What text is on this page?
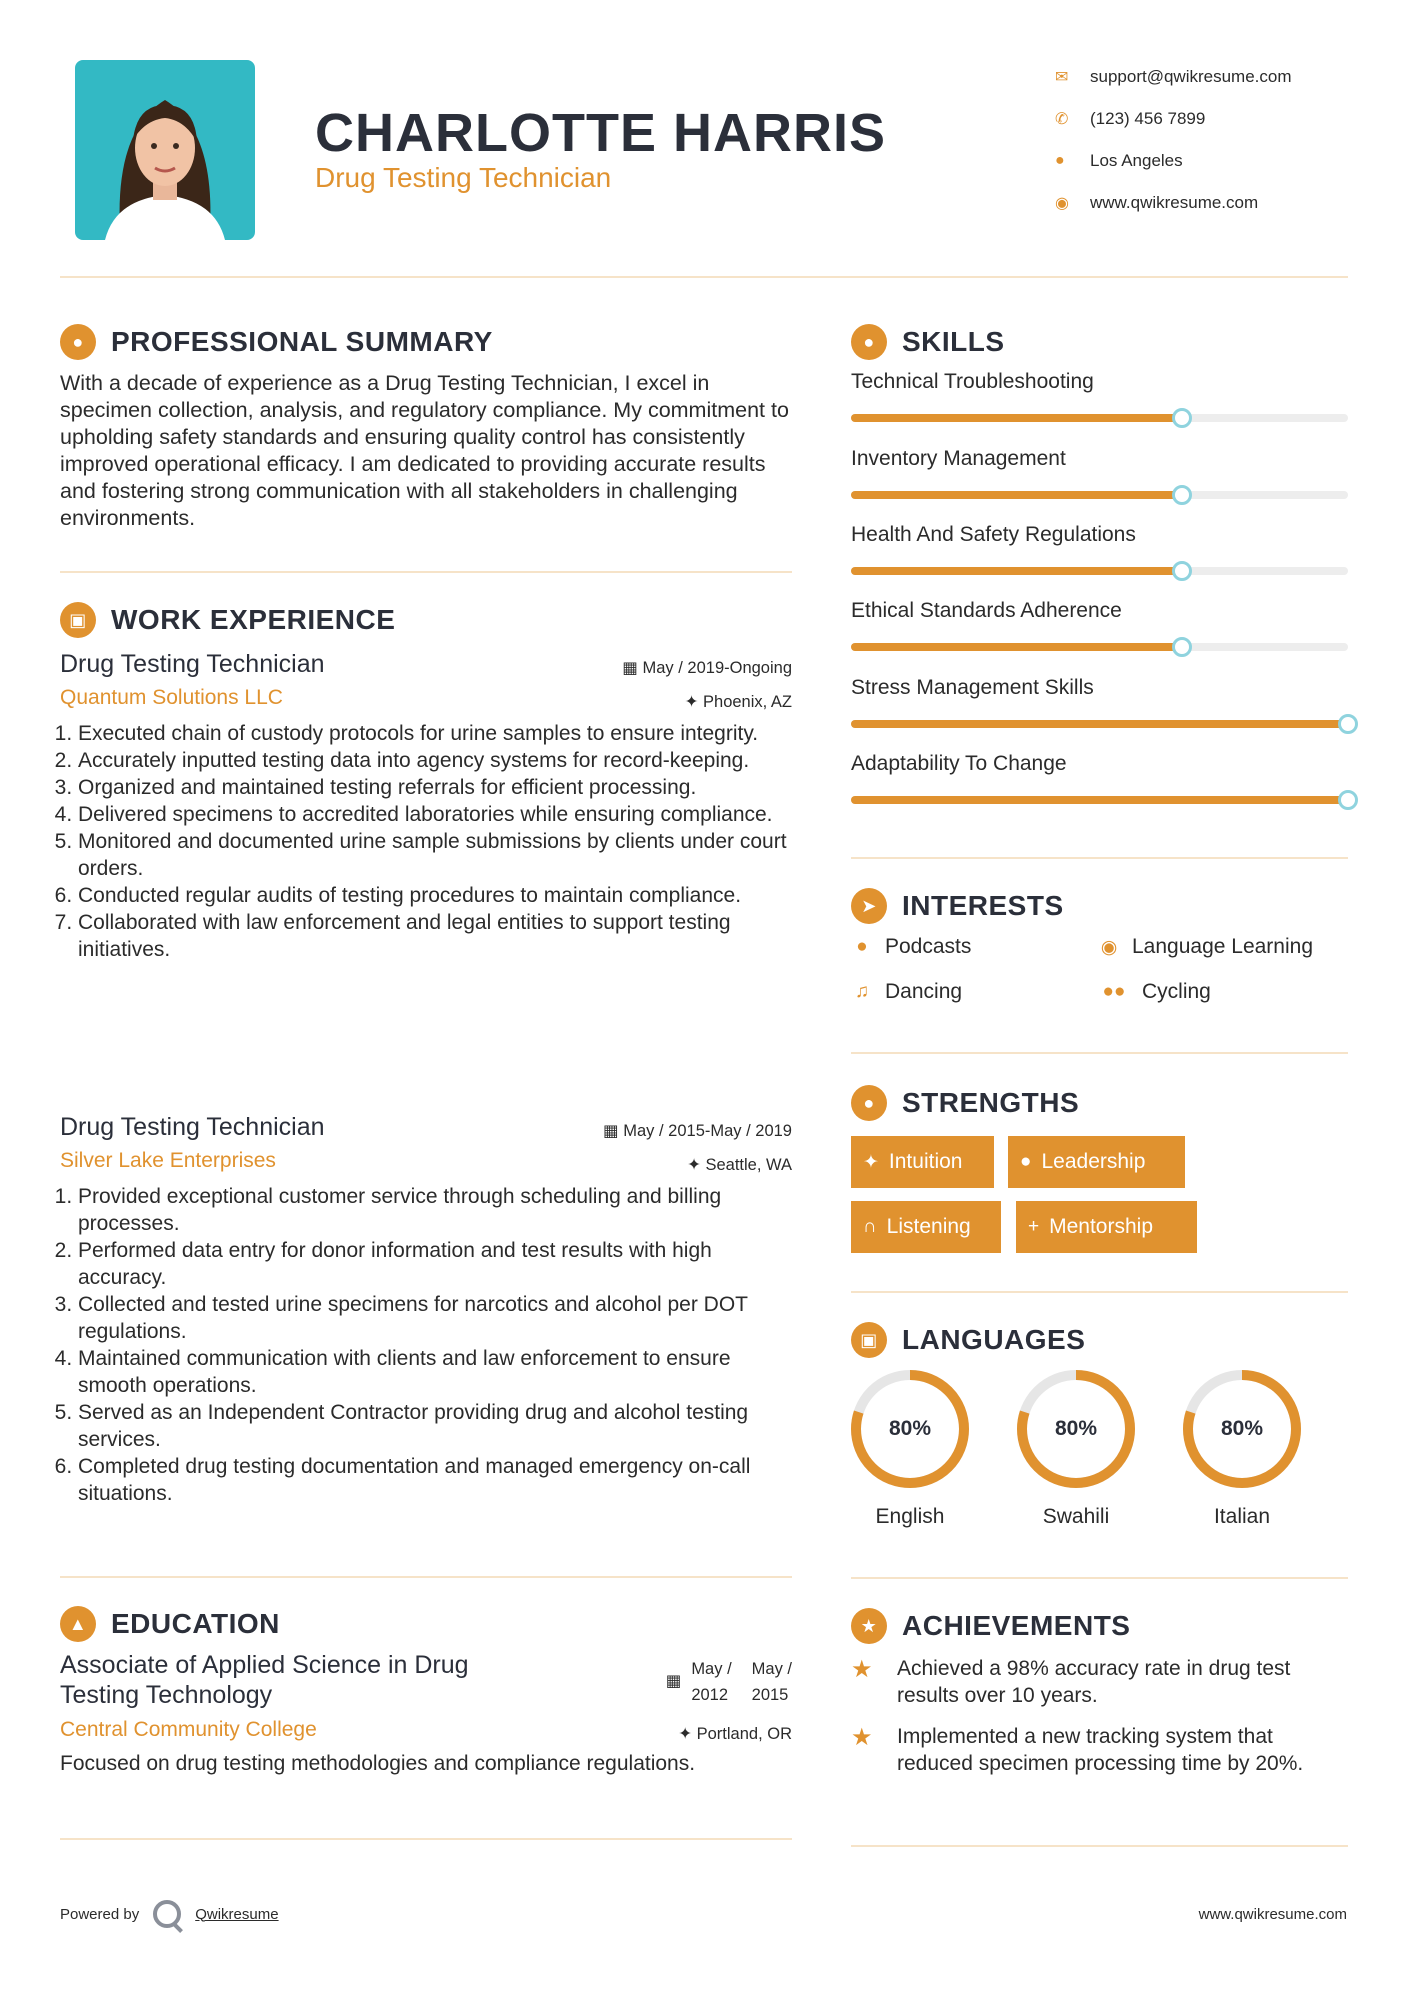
CHARLOTTE HARRIS
Drug Testing Technician
✉	support@qwikresume.com
✆	(123) 456 7899
●	Los Angeles
◉	www.qwikresume.com
● PROFESSIONAL SUMMARY
With a decade of experience as a Drug Testing Technician, I excel in specimen collection, analysis, and regulatory compliance. My commitment to upholding safety standards and ensuring quality control has consistently improved operational efficacy. I am dedicated to providing accurate results and fostering strong communication with all stakeholders in challenging environments.
▣ WORK EXPERIENCE
Drug Testing Technician
Quantum Solutions LLC
▦ May / 2019-Ongoing
✦ Phoenix, AZ
1. Executed chain of custody protocols for urine samples to ensure integrity.
2. Accurately inputted testing data into agency systems for record-keeping.
3. Organized and maintained testing referrals for efficient processing.
4. Delivered specimens to accredited laboratories while ensuring compliance.
5. Monitored and documented urine sample submissions by clients under court orders.
6. Conducted regular audits of testing procedures to maintain compliance.
7. Collaborated with law enforcement and legal entities to support testing initiatives.
Drug Testing Technician
Silver Lake Enterprises
▦ May / 2015-May / 2019
✦ Seattle, WA
1. Provided exceptional customer service through scheduling and billing processes.
2. Performed data entry for donor information and test results with high accuracy.
3. Collected and tested urine specimens for narcotics and alcohol per DOT regulations.
4. Maintained communication with clients and law enforcement to ensure smooth operations.
5. Served as an Independent Contractor providing drug and alcohol testing services.
6. Completed drug testing documentation and managed emergency on-call situations.
▲ EDUCATION
Associate of Applied Science in Drug
Testing Technology	▦
May /
2012
May /
2015
Central Community College	✦ Portland, OR
Focused on drug testing methodologies and compliance regulations.
● SKILLS
Technical Troubleshooting
Inventory Management
Health And Safety Regulations
Ethical Standards Adherence
Stress Management Skills
Adaptability To Change
➤ INTERESTS
● Podcasts	◉ Language Learning
♫ Dancing	●● Cycling
● STRENGTHS
✦ Intuition	● Leadership
∩ Listening	+ Mentorship
▣ LANGUAGES
80%
English
80%
Swahili
80%
Italian
★ ACHIEVEMENTS
★	Achieved a 98% accuracy rate in drug test results over 10 years.
★	Implemented a new tracking system that reduced specimen processing time by 20%.
Powered by	Qwikresume	www.qwikresume.com
